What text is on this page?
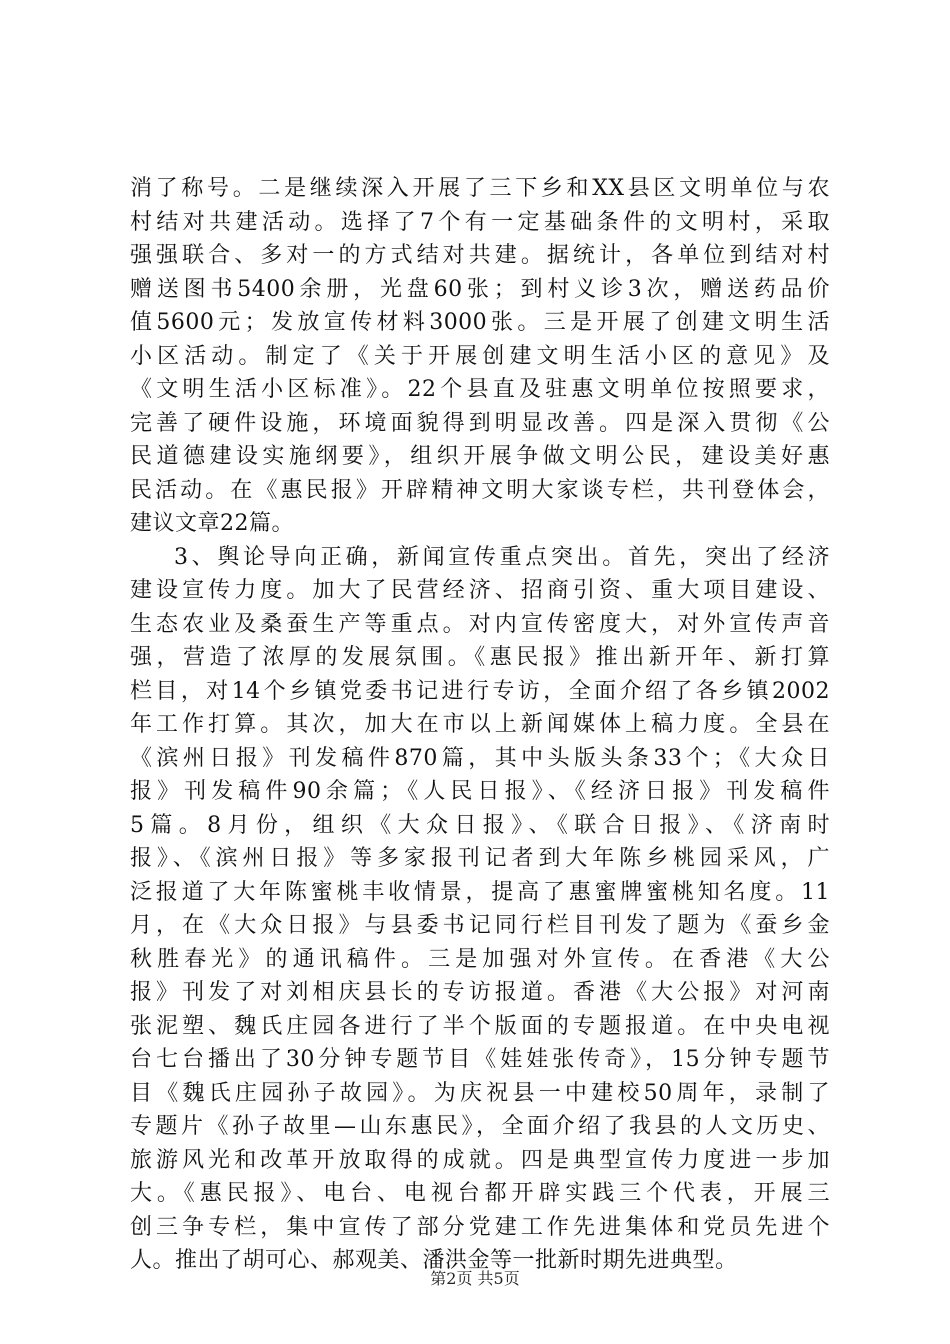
消了称号。二是继续深入开展了三下乡和XX县区文明单位与农
村结对共建活动。选择了7个有一定基础条件的文明村，采取
强强联合、多对一的方式结对共建。据统计，各单位到结对村
赠送图书5400余册，光盘60张；到村义诊3次，赠送药品价
值5600元；发放宣传材料3000张。三是开展了创建文明生活
小区活动。制定了《关于开展创建文明生活小区的意见》及
《文明生活小区标准》。22个县直及驻惠文明单位按照要求，
完善了硬件设施，环境面貌得到明显改善。四是深入贯彻《公
民道德建设实施纲要》，组织开展争做文明公民，建设美好惠
民活动。在《惠民报》开辟精神文明大家谈专栏，共刊登体会，
建议文章22篇。
3、舆论导向正确，新闻宣传重点突出。首先，突出了经济
建设宣传力度。加大了民营经济、招商引资、重大项目建设、
生态农业及桑蚕生产等重点。对内宣传密度大，对外宣传声音
强，营造了浓厚的发展氛围。《惠民报》推出新开年、新打算
栏目，对14个乡镇党委书记进行专访，全面介绍了各乡镇2002
年工作打算。其次，加大在市以上新闻媒体上稿力度。全县在
《滨州日报》刊发稿件870篇，其中头版头条33个；《大众日
报》刊发稿件90余篇；《人民日报》、《经济日报》刊发稿件
5篇。8月份，组织《大众日报》、《联合日报》、《济南时
报》、《滨州日报》等多家报刊记者到大年陈乡桃园采风，广
泛报道了大年陈蜜桃丰收情景，提高了惠蜜牌蜜桃知名度。11
月，在《大众日报》与县委书记同行栏目刊发了题为《蚕乡金
秋胜春光》的通讯稿件。三是加强对外宣传。在香港《大公
报》刊发了对刘相庆县长的专访报道。香港《大公报》对河南
张泥塑、魏氏庄园各进行了半个版面的专题报道。在中央电视
台七台播出了30分钟专题节目《娃娃张传奇》，15分钟专题节
目《魏氏庄园孙子故园》。为庆祝县一中建校50周年，录制了
专题片《孙子故里—山东惠民》，全面介绍了我县的人文历史、
旅游风光和改革开放取得的成就。四是典型宣传力度进一步加
大。《惠民报》、电台、电视台都开辟实践三个代表，开展三
创三争专栏，集中宣传了部分党建工作先进集体和党员先进个
人。推出了胡可心、郝观美、潘洪金等一批新时期先进典型。
第2页 共5页
